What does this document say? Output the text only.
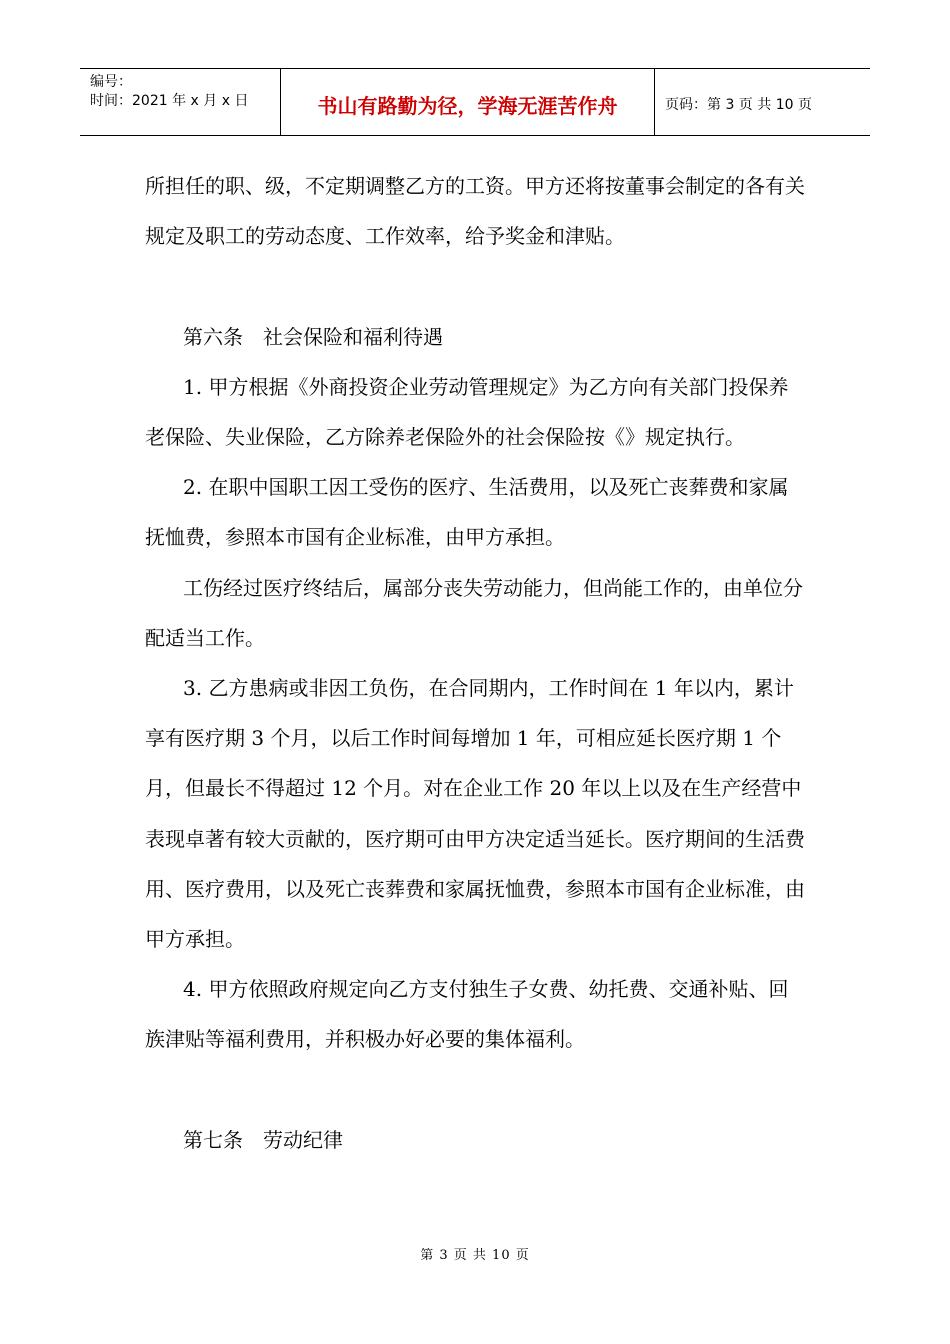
编号：
时间：2021 年 x 月 x 日	书山有路勤为径，学海无涯苦作舟	页码：第 3 页 共 10 页

所担任的职、级，不定期调整乙方的工资。甲方还将按董事会制定的各有关规定及职工的劳动态度、工作效率，给予奖金和津贴。

第六条　社会保险和福利待遇

1. 甲方根据《外商投资企业劳动管理规定》为乙方向有关部门投保养老保险、失业保险，乙方除养老保险外的社会保险按《》规定执行。

2. 在职中国职工因工受伤的医疗、生活费用，以及死亡丧葬费和家属抚恤费，参照本市国有企业标准，由甲方承担。

工伤经过医疗终结后，属部分丧失劳动能力，但尚能工作的，由单位分配适当工作。

3. 乙方患病或非因工负伤，在合同期内，工作时间在 1 年以内，累计享有医疗期 3 个月，以后工作时间每增加 1 年，可相应延长医疗期 1 个月，但最长不得超过 12 个月。对在企业工作 20 年以上以及在生产经营中表现卓著有较大贡献的，医疗期可由甲方决定适当延长。医疗期间的生活费用、医疗费用，以及死亡丧葬费和家属抚恤费，参照本市国有企业标准，由甲方承担。

4. 甲方依照政府规定向乙方支付独生子女费、幼托费、交通补贴、回族津贴等福利费用，并积极办好必要的集体福利。

第七条　劳动纪律

第 3 页 共 10 页
